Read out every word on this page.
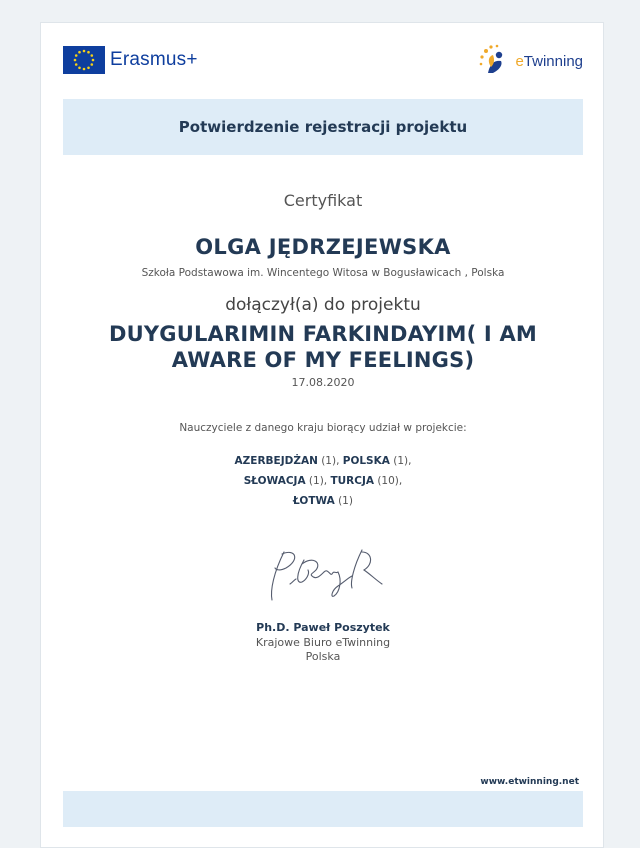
Erasmus+	eTwinning
Potwierdzenie rejestracji projektu
Certyfikat
OLGA JĘDRZEJEWSKA
Szkoła Podstawowa im. Wincentego Witosa w Bogusławicach , Polska
dołączył(a) do projektu
DUYGULARIMIN FARKINDAYIM( I AM
AWARE OF MY FEELINGS)
17.08.2020
Nauczyciele z danego kraju biorący udział w projekcie:
AZERBEJDŻAN (1), POLSKA (1),
SŁOWACJA (1), TURCJA (10),
ŁOTWA (1)
Ph.D. Paweł Poszytek
Krajowe Biuro eTwinning
Polska
www.etwinning.net
